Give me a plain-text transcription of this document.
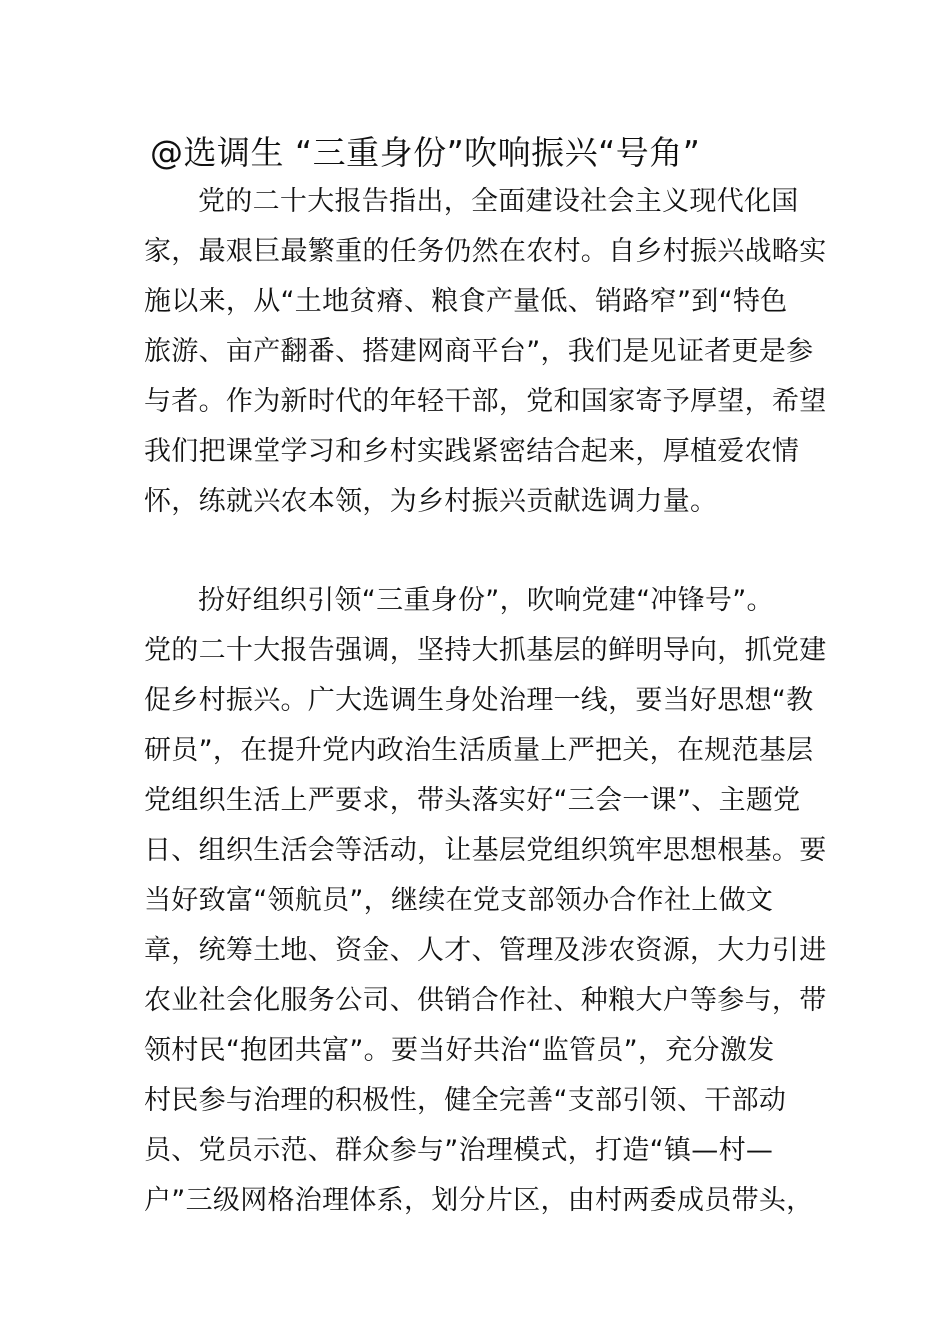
@选调生 “三重身份”吹响振兴“号角”
党的二十大报告指出，全面建设社会主义现代化国
家，最艰巨最繁重的任务仍然在农村。自乡村振兴战略实
施以来，从“土地贫瘠、粮食产量低、销路窄”到“特色
旅游、亩产翻番、搭建网商平台”，我们是见证者更是参
与者。作为新时代的年轻干部，党和国家寄予厚望，希望
我们把课堂学习和乡村实践紧密结合起来，厚植爱农情
怀，练就兴农本领，为乡村振兴贡献选调力量。
扮好组织引领“三重身份”，吹响党建“冲锋号”。
党的二十大报告强调，坚持大抓基层的鲜明导向，抓党建
促乡村振兴。广大选调生身处治理一线，要当好思想“教
研员”，在提升党内政治生活质量上严把关，在规范基层
党组织生活上严要求，带头落实好“三会一课”、主题党
日、组织生活会等活动，让基层党组织筑牢思想根基。要
当好致富“领航员”，继续在党支部领办合作社上做文
章，统筹土地、资金、人才、管理及涉农资源，大力引进
农业社会化服务公司、供销合作社、种粮大户等参与，带
领村民“抱团共富”。要当好共治“监管员”，充分激发
村民参与治理的积极性，健全完善“支部引领、干部动
员、党员示范、群众参与”治理模式，打造“镇—村—
户”三级网格治理体系，划分片区，由村两委成员带头，
